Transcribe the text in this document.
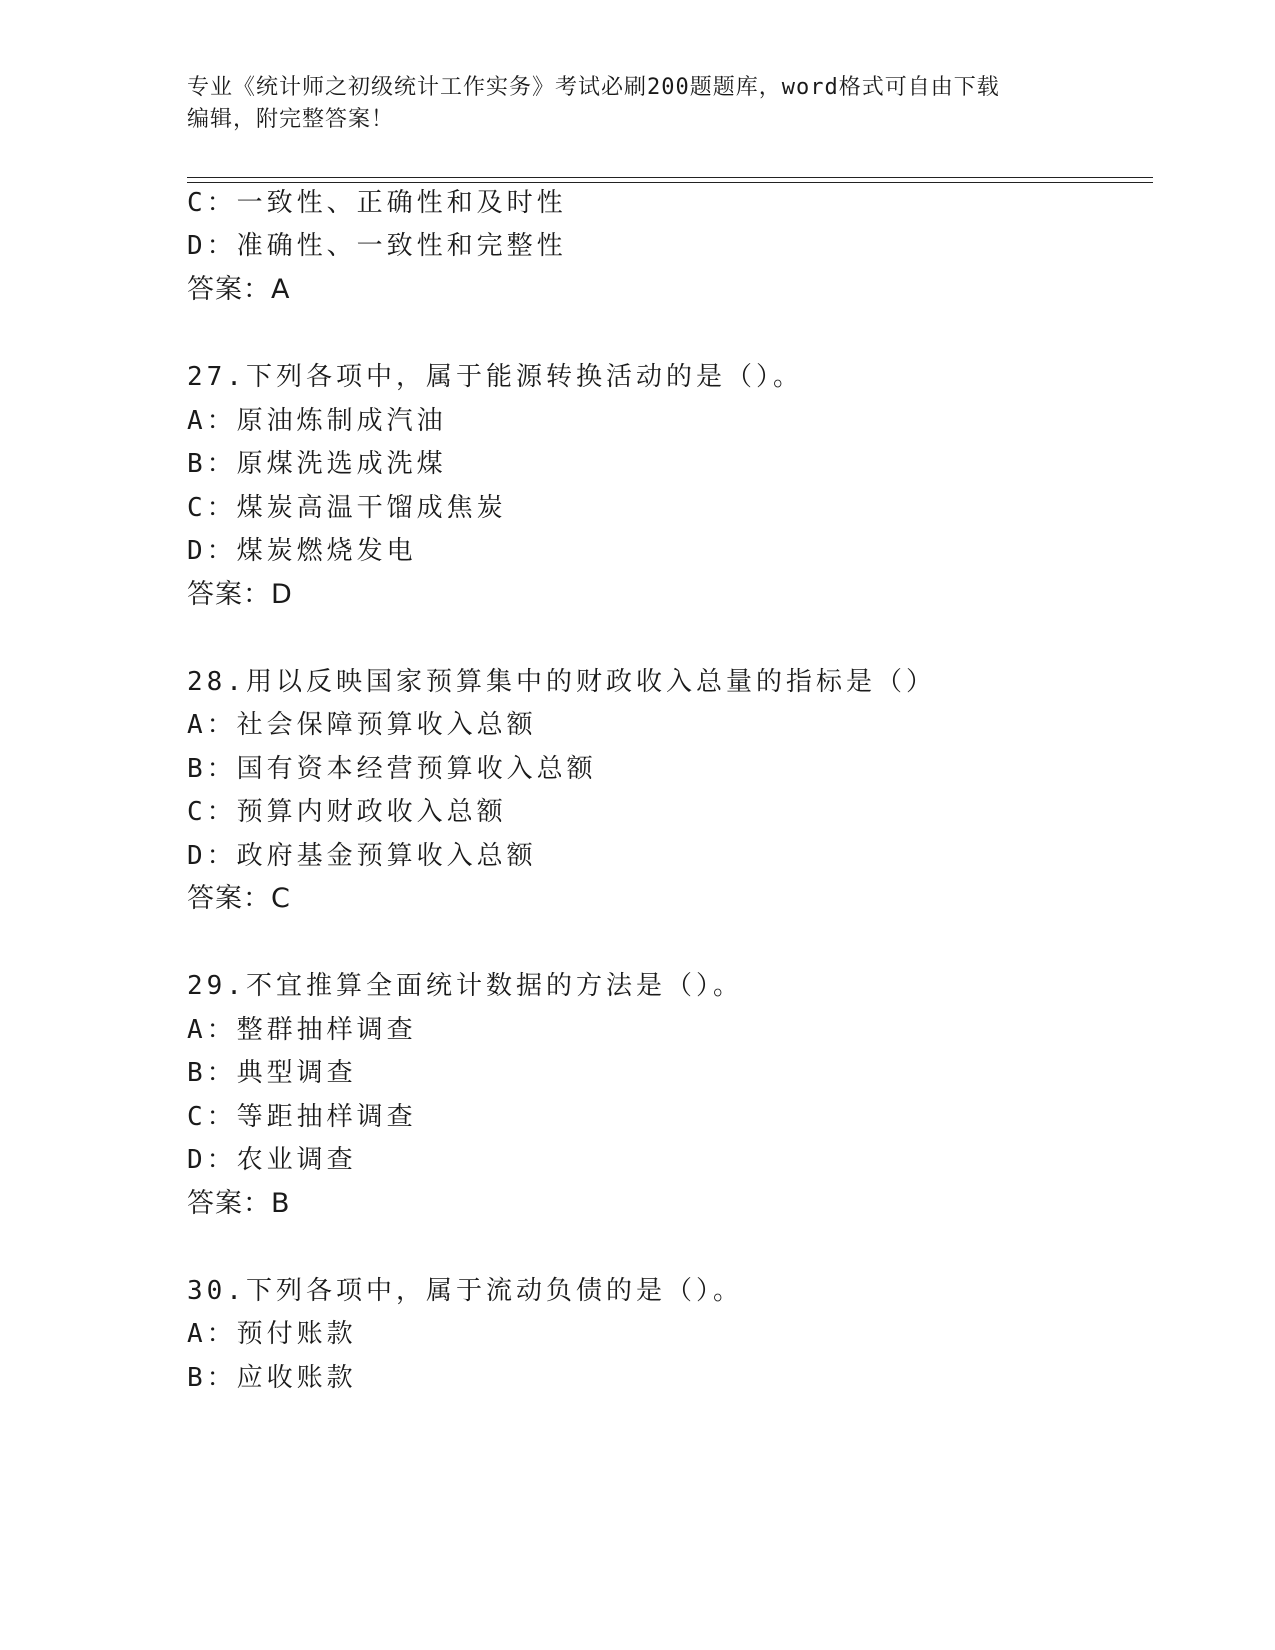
专业《统计师之初级统计工作实务》考试必刷200题题库，word格式可自由下载
编辑，附完整答案！
C：一致性、正确性和及时性
D：准确性、一致性和完整性
答案：A
27.下列各项中，属于能源转换活动的是（）。
A：原油炼制成汽油
B：原煤洗选成洗煤
C：煤炭高温干馏成焦炭
D：煤炭燃烧发电
答案：D
28.用以反映国家预算集中的财政收入总量的指标是（）
A：社会保障预算收入总额
B：国有资本经营预算收入总额
C：预算内财政收入总额
D：政府基金预算收入总额
答案：C
29.不宜推算全面统计数据的方法是（）。
A：整群抽样调查
B：典型调查
C：等距抽样调查
D：农业调查
答案：B
30.下列各项中，属于流动负债的是（）。
A：预付账款
B：应收账款
